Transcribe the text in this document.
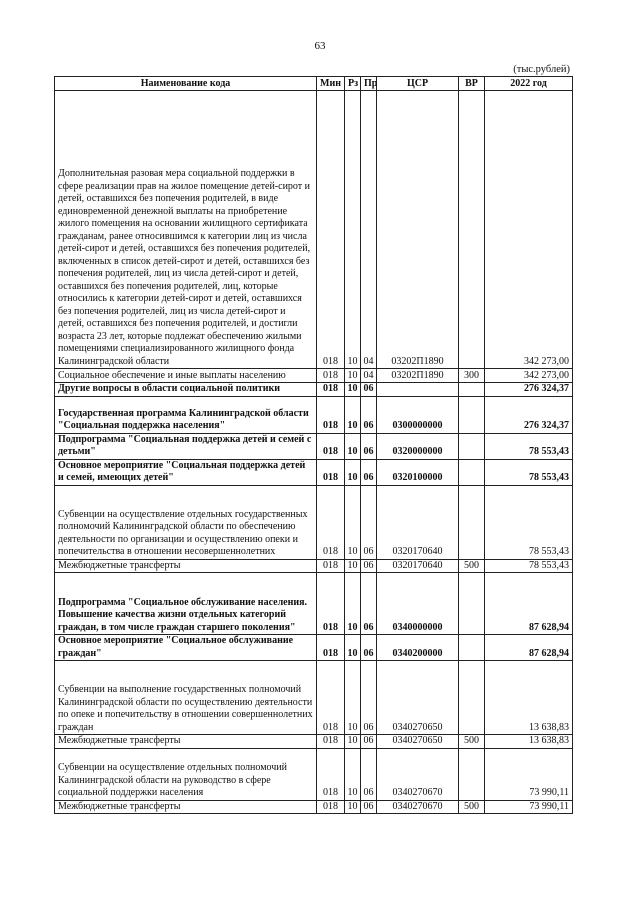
63
(тыс.рублей)
Наименование кода	Мин	Рз	Пр	ЦСР	ВР	2022 год
Дополнительная разовая мера социальной поддержки в сфере реализации прав на жилое помещение детей-сирот и детей, оставшихся без попечения родителей, в виде единовременной денежной выплаты на приобретение жилого помещения на основании жилищного сертификата гражданам, ранее относившимся к категории лиц из числа детей-сирот и детей, оставшихся без попечения родителей, включенных в список детей-сирот и детей, оставшихся без попечения родителей, лиц из числа детей-сирот и детей, оставшихся без попечения родителей, лиц, которые относились к категории детей-сирот и детей, оставшихся без попечения родителей, лиц из числа детей-сирот и детей, оставшихся без попечения родителей, и достигли возраста 23 лет, которые подлежат обеспечению жилыми помещениями специализированного жилищного фонда Калининградской области	018	10	04	03202П1890		342 273,00
Социальное обеспечение и иные выплаты населению	018	10	04	03202П1890	300	342 273,00
Другие вопросы в области социальной политики	018	10	06			276 324,37
Государственная программа Калининградской области "Социальная поддержка населения"	018	10	06	0300000000		276 324,37
Подпрограмма "Социальная поддержка детей и семей с детьми"	018	10	06	0320000000		78 553,43
Основное мероприятие "Социальная поддержка детей и семей, имеющих детей"	018	10	06	0320100000		78 553,43
Субвенции на осуществление отдельных государственных полномочий Калининградской области по обеспечению деятельности по организации и осуществлению опеки и попечительства в отношении несовершеннолетних	018	10	06	0320170640		78 553,43
Межбюджетные трансферты	018	10	06	0320170640	500	78 553,43
Подпрограмма "Социальное обслуживание населения. Повышение качества жизни отдельных категорий граждан, в том числе граждан старшего поколения"	018	10	06	0340000000		87 628,94
Основное мероприятие "Социальное обслуживание граждан"	018	10	06	0340200000		87 628,94
Субвенции на выполнение государственных полномочий Калининградской области по осуществлению деятельности по опеке и попечительству в отношении совершеннолетних граждан	018	10	06	0340270650		13 638,83
Межбюджетные трансферты	018	10	06	0340270650	500	13 638,83
Субвенции на осуществление отдельных полномочий Калининградской области на руководство в сфере социальной поддержки населения	018	10	06	0340270670		73 990,11
Межбюджетные трансферты	018	10	06	0340270670	500	73 990,11
